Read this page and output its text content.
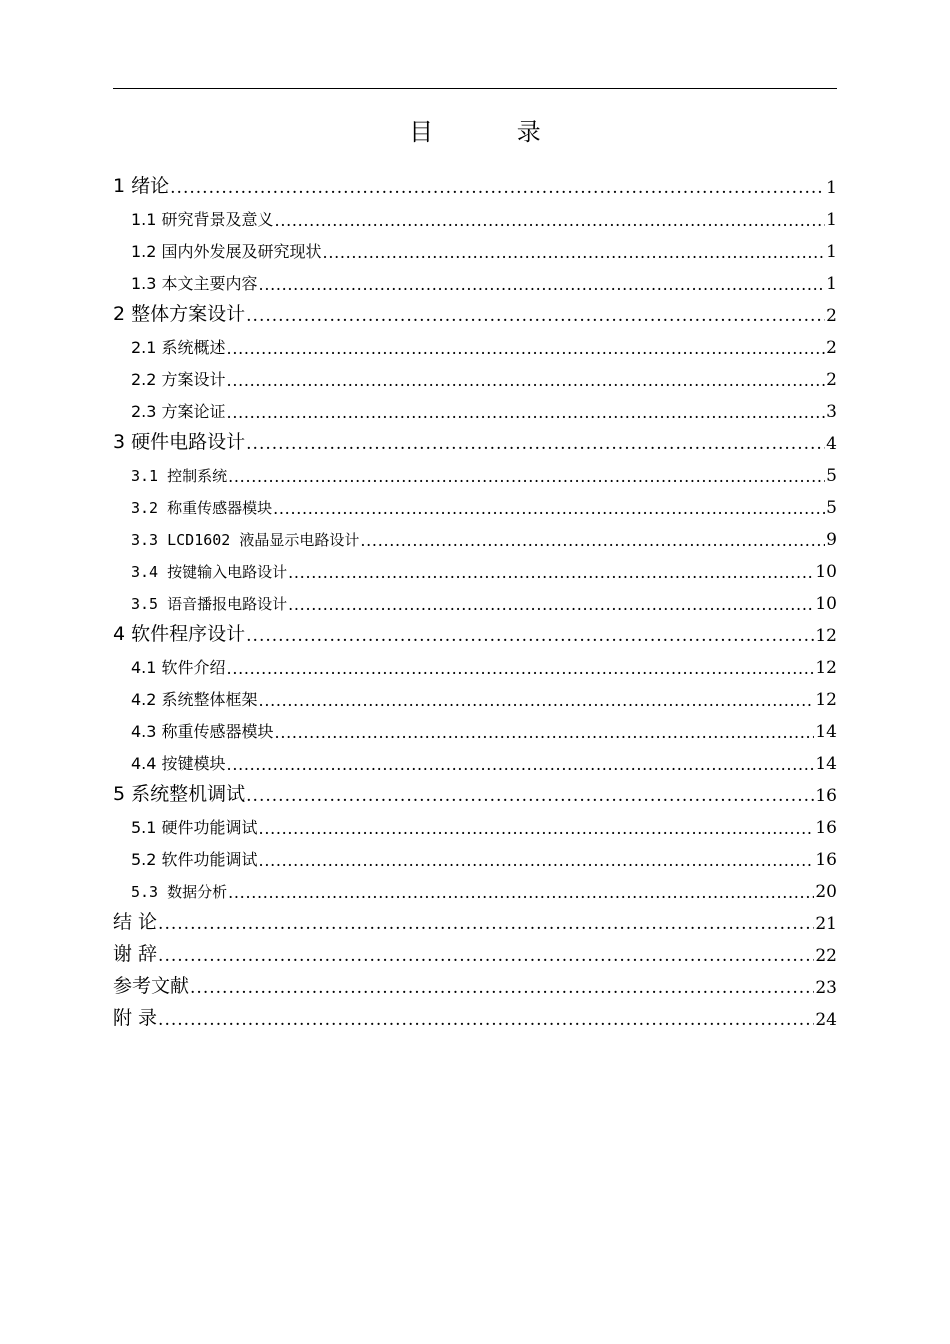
目 录
1 绪论 . . .	1
1.1 研究背景及意义 . . .	1
1.2 国内外发展及研究现状 . . .	1
1.3 本文主要内容 . . .	1
2 整体方案设计 . . .	2
2.1 系统概述 . . .	2
2.2 方案设计 . . .	2
2.3 方案论证 . . .	3
3 硬件电路设计 . . .	4
3.1 控制系统 . . .	5
3.2 称重传感器模块 . . .	5
3.3 LCD1602 液晶显示电路设计 . . .	9
3.4 按键输入电路设计 . . .	10
3.5 语音播报电路设计 . . .	10
4 软件程序设计 . . .	12
4.1 软件介绍 . . .	12
4.2 系统整体框架 . . .	12
4.3 称重传感器模块 . . .	14
4.4 按键模块 . . .	14
5 系统整机调试 . . .	16
5.1 硬件功能调试 . . .	16
5.2 软件功能调试 . . .	16
5.3 数据分析 . . .	20
结 论 . . .	21
谢 辞 . . .	22
参考文献 . . .	23
附 录 . . .	24
